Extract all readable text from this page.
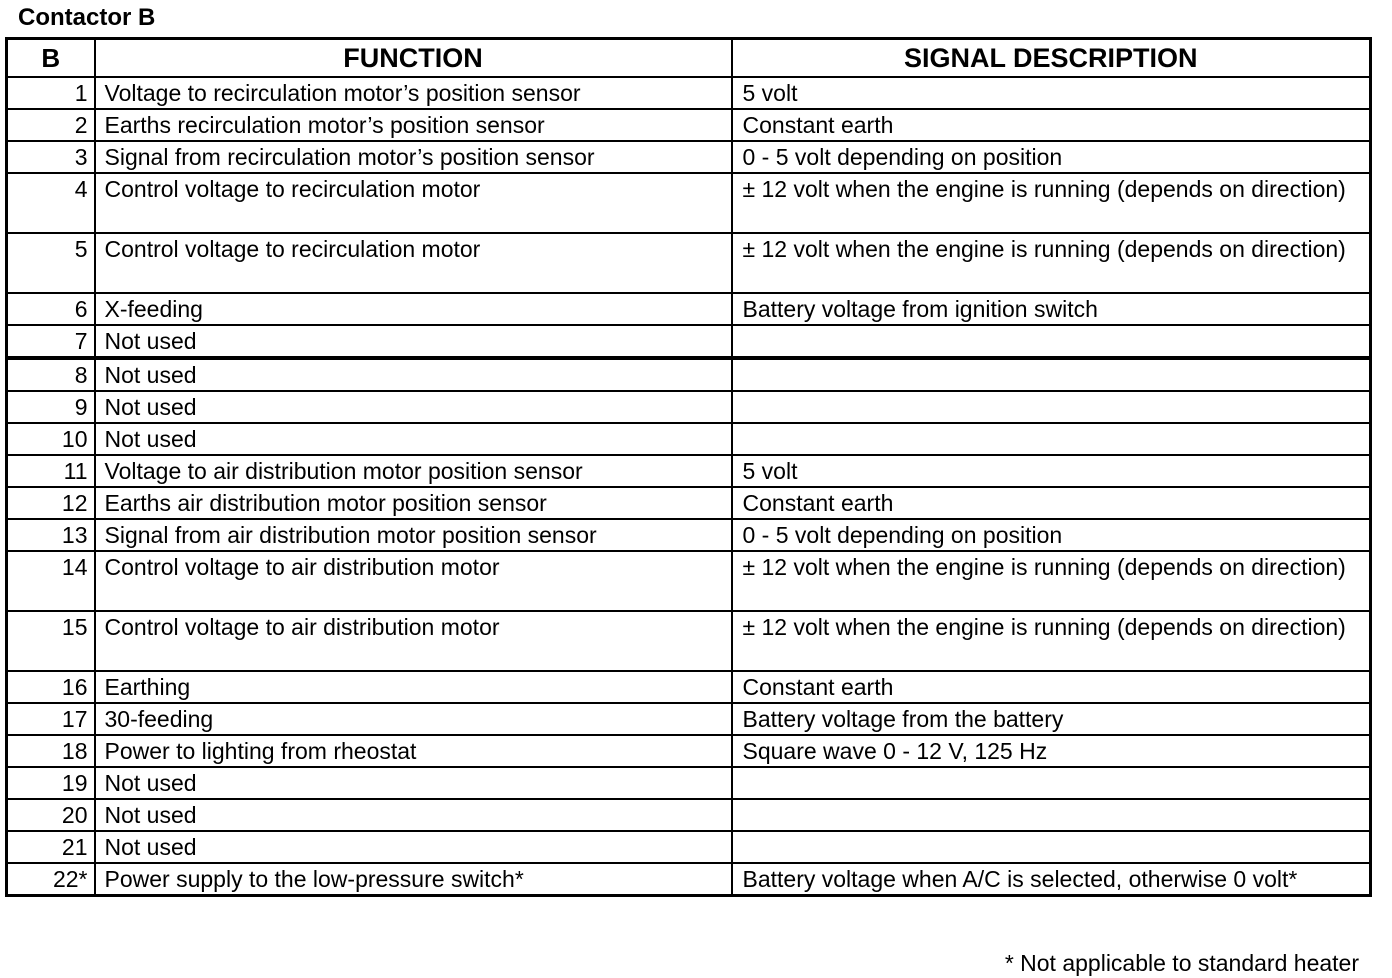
Contactor B
B	FUNCTION	SIGNAL DESCRIPTION
1	Voltage to recirculation motor’s position sensor	5 volt
2	Earths recirculation motor’s position sensor	Constant earth
3	Signal from recirculation motor’s position sensor	0 - 5 volt depending on position
4	Control voltage to recirculation motor	± 12 volt when the engine is running (depends on direction)
5	Control voltage to recirculation motor	± 12 volt when the engine is running (depends on direction)
6	X-feeding	Battery voltage from ignition switch
7	Not used	
8	Not used	
9	Not used	
10	Not used	
11	Voltage to air distribution motor position sensor	5 volt
12	Earths air distribution motor position sensor	Constant earth
13	Signal from air distribution motor position sensor	0 - 5 volt depending on position
14	Control voltage to air distribution motor	± 12 volt when the engine is running (depends on direction)
15	Control voltage to air distribution motor	± 12 volt when the engine is running (depends on direction)
16	Earthing	Constant earth
17	30-feeding	Battery voltage from the battery
18	Power to lighting from rheostat	Square wave 0 - 12 V, 125 Hz
19	Not used	
20	Not used	
21	Not used	
22*	Power supply to the low-pressure switch*	Battery voltage when A/C is selected, otherwise 0 volt*
* Not applicable to standard heater
